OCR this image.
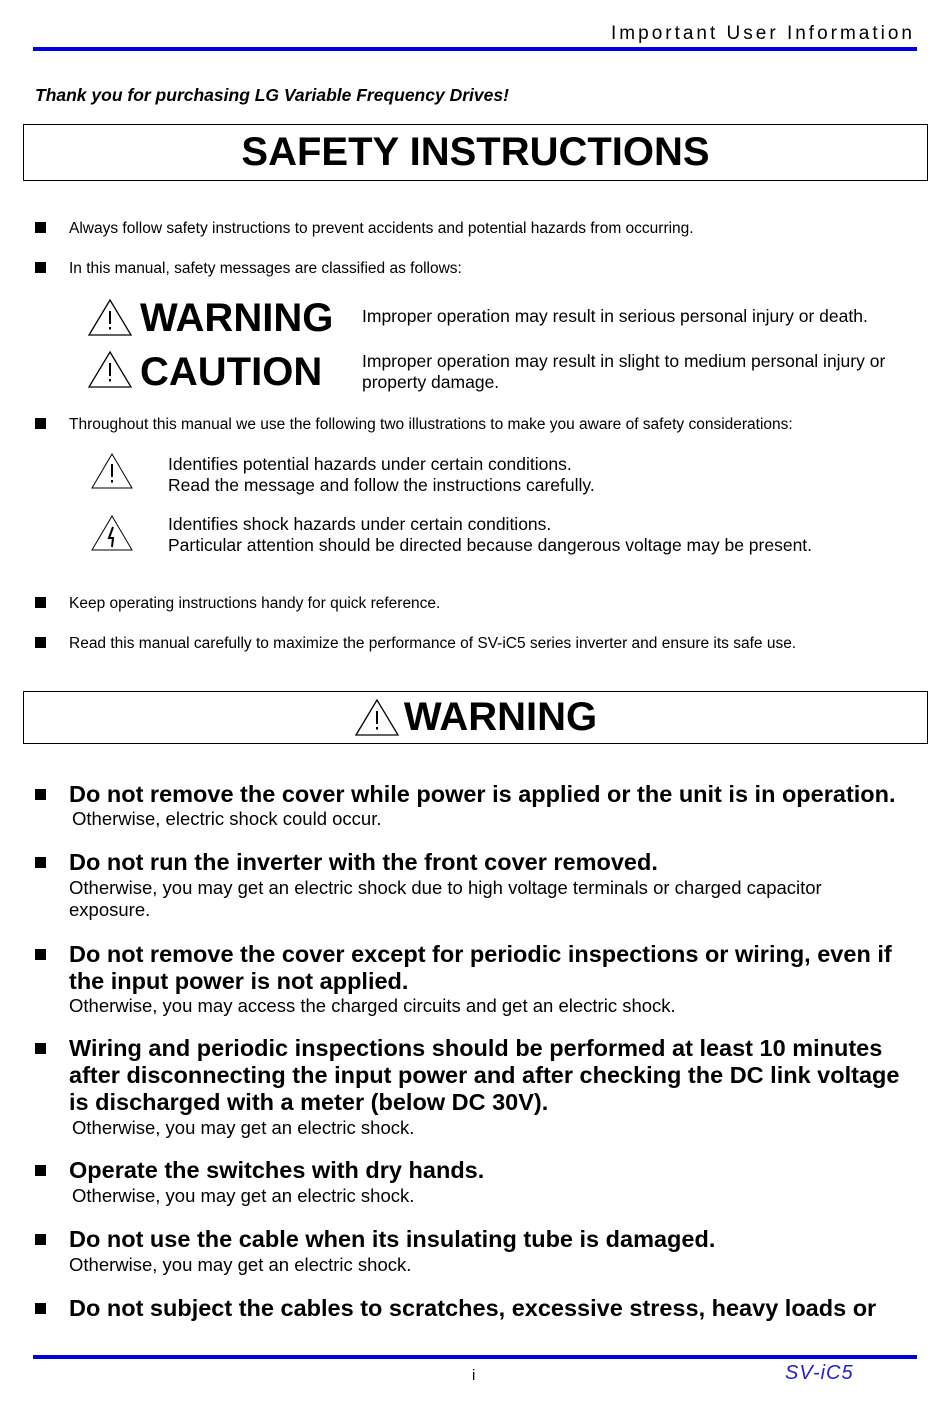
Important User Information
Thank you for purchasing LG Variable Frequency Drives!
SAFETY INSTRUCTIONS
Always follow safety instructions to prevent accidents and potential hazards from occurring.
In this manual, safety messages are classified as follows:
WARNING Improper operation may result in serious personal injury or death.
CAUTION Improper operation may result in slight to medium personal injury or property damage.
Throughout this manual we use the following two illustrations to make you aware of safety considerations:
Identifies potential hazards under certain conditions.
Read the message and follow the instructions carefully.
Identifies shock hazards under certain conditions.
Particular attention should be directed because dangerous voltage may be present.
Keep operating instructions handy for quick reference.
Read this manual carefully to maximize the performance of SV-iC5 series inverter and ensure its safe use.
WARNING
Do not remove the cover while power is applied or the unit is in operation.
Otherwise, electric shock could occur.
Do not run the inverter with the front cover removed.
Otherwise, you may get an electric shock due to high voltage terminals or charged capacitor exposure.
Do not remove the cover except for periodic inspections or wiring, even if the input power is not applied.
Otherwise, you may access the charged circuits and get an electric shock.
Wiring and periodic inspections should be performed at least 10 minutes after disconnecting the input power and after checking the DC link voltage is discharged with a meter (below DC 30V).
Otherwise, you may get an electric shock.
Operate the switches with dry hands.
Otherwise, you may get an electric shock.
Do not use the cable when its insulating tube is damaged.
Otherwise, you may get an electric shock.
Do not subject the cables to scratches, excessive stress, heavy loads or
i	SV-iC5
